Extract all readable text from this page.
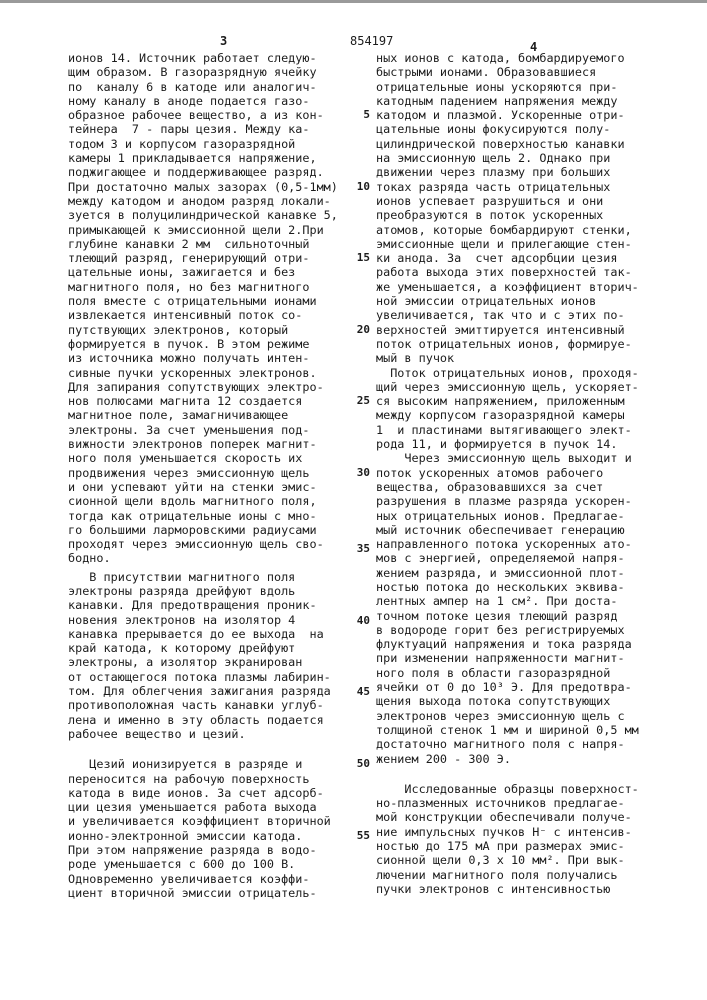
3	854197	4
5
10
15
20
25
30
35
40
45
50
55
ионов 14. Источник работает следую-
щим образом. В газоразрядную ячейку
по  каналу 6 в катоде или аналогич-
ному каналу в аноде подается газо-
образное рабочее вещество, а из кон-
тейнера  7 - пары цезия. Между ка-
тодом 3 и корпусом газоразрядной
камеры 1 прикладывается напряжение,
поджигающее и поддерживающее разряд.
При достаточно малых зазорах (0,5-1мм)
между катодом и анодом разряд локали-
зуется в полуцилиндрической канавке 5,
примыкающей к эмиссионной щели 2.При
глубине канавки 2 мм  сильноточный
тлеющий разряд, генерирующий отри-
цательные ионы, зажигается и без
магнитного поля, но без магнитного
поля вместе с отрицательными ионами
извлекается интенсивный поток со-
путствующих электронов, который
формируется в пучок. В этом режиме
из источника можно получать интен-
сивные пучки ускоренных электронов.
Для запирания сопутствующих электро-
нов полюсами магнита 12 создается
магнитное поле, замагничивающее
электроны. За счет уменьшения под-
вижности электронов поперек магнит-
ного поля уменьшается скорость их
продвижения через эмиссионную щель
и они успевают уйти на стенки эмис-
сионной щели вдоль магнитного поля,
тогда как отрицательные ионы с мно-
го большими ларморовскими радиусами
проходят через эмиссионную щель сво-
бодно.
В присутствии магнитного поля
электроны разряда дрейфуют вдоль
канавки. Для предотвращения проник-
новения электронов на изолятор 4
канавка прерывается до ее выхода  на
край катода, к которому дрейфуют
электроны, а изолятор экранирован
от остающегося потока плазмы лабирин-
том. Для облегчения зажигания разряда
противоположная часть канавки углуб-
лена и именно в эту область подается
рабочее вещество и цезий.
Цезий ионизируется в разряде и
переносится на рабочую поверхность
катода в виде ионов. За счет адсорб-
ции цезия уменьшается работа выхода
и увеличивается коэффициент вторичной
ионно-электронной эмиссии катода.
При этом напряжение разряда в водо-
роде уменьшается с 600 до 100 В.
Одновременно увеличивается коэффи-
циент вторичной эмиссии отрицатель-
ных ионов с катода, бомбардируемого
быстрыми ионами. Образовавшиеся
отрицательные ионы ускоряются при-
катодным падением напряжения между
катодом и плазмой. Ускоренные отри-
цательные ионы фокусируются полу-
цилиндрической поверхностью канавки
на эмиссионную щель 2. Однако при
движении через плазму при больших
токах разряда часть отрицательных
ионов успевает разрушиться и они
преобразуются в поток ускоренных
атомов, которые бомбардируют стенки,
эмиссионные щели и прилегающие стен-
ки анода. За  счет адсорбции цезия
работа выхода этих поверхностей так-
же уменьшается, а коэффициент вторич-
ной эмиссии отрицательных ионов
увеличивается, так что и с этих по-
верхностей эмиттируется интенсивный
поток отрицательных ионов, формируе-
мый в пучок
Поток отрицательных ионов, проходя-
щий через эмиссионную щель, ускоряет-
ся высоким напряжением, приложенным
между корпусом газоразрядной камеры
1  и пластинами вытягивающего элект-
рода 11, и формируется в пучок 14.
Через эмиссионную щель выходит и
поток ускоренных атомов рабочего
вещества, образовавшихся за счет
разрушения в плазме разряда ускорен-
ных отрицательных ионов. Предлагае-
мый источник обеспечивает генерацию
направленного потока ускоренных ато-
мов с энергией, определяемой напря-
жением разряда, и эмиссионной плот-
ностью потока до нескольких эквива-
лентных ампер на 1 см². При доста-
точном потоке цезия тлеющий разряд
в водороде горит без регистрируемых
флуктуаций напряжения и тока разряда
при изменении напряженности магнит-
ного поля в области газоразрядной
ячейки от 0 до 10³ Э. Для предотвра-
щения выхода потока сопутствующих
электронов через эмиссионную щель с
толщиной стенок 1 мм и шириной 0,5 мм
достаточно магнитного поля с напря-
жением 200 - 300 Э.
Исследованные образцы поверхност-
но-плазменных источников предлагае-
мой конструкции обеспечивали получе-
ние импульсных пучков H⁻ с интенсив-
ностью до 175 мА при размерах эмис-
сионной щели 0,3 x 10 мм². При вык-
лючении магнитного поля получались
пучки электронов с интенсивностью
